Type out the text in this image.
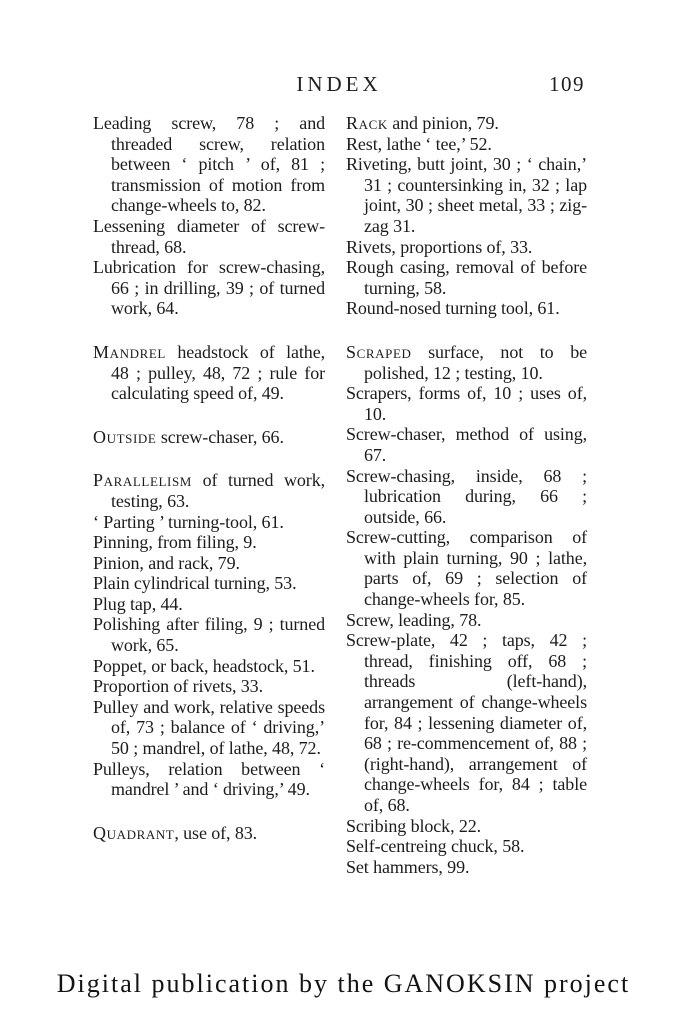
INDEX	109
Leading screw, 78 ; and threaded screw, relation between ‘ pitch ’ of, 81 ; transmission of motion from change-wheels to, 82.
Lessening diameter of screw-thread, 68.
Lubrication for screw-chasing, 66 ; in drilling, 39 ; of turned work, 64.
Mandrel headstock of lathe, 48 ; pulley, 48, 72 ; rule for calculating speed of, 49.
Outside screw-chaser, 66.
Parallelism of turned work, testing, 63.
‘ Parting ’ turning-tool, 61.
Pinning, from filing, 9.
Pinion, and rack, 79.
Plain cylindrical turning, 53.
Plug tap, 44.
Polishing after filing, 9 ; turned work, 65.
Poppet, or back, headstock, 51.
Proportion of rivets, 33.
Pulley and work, relative speeds of, 73 ; balance of ‘ driving,’ 50 ; mandrel, of lathe, 48, 72.
Pulleys, relation between ‘ mandrel ’ and ‘ driving,’ 49.
Quadrant, use of, 83.
Rack and pinion, 79.
Rest, lathe ‘ tee,’ 52.
Riveting, butt joint, 30 ; ‘ chain,’ 31 ; countersinking in, 32 ; lap joint, 30 ; sheet metal, 33 ; zig-zag 31.
Rivets, proportions of, 33.
Rough casing, removal of before turning, 58.
Round-nosed turning tool, 61.
Scraped surface, not to be polished, 12 ; testing, 10.
Scrapers, forms of, 10 ; uses of, 10.
Screw-chaser, method of using, 67.
Screw-chasing, inside, 68 ; lubrication during, 66 ; outside, 66.
Screw-cutting, comparison of with plain turning, 90 ; lathe, parts of, 69 ; selection of change-wheels for, 85.
Screw, leading, 78.
Screw-plate, 42 ; taps, 42 ; thread, finishing off, 68 ; threads (left-hand), arrangement of change-wheels for, 84 ; lessening diameter of, 68 ; re-commencement of, 88 ; (right-hand), arrangement of change-wheels for, 84 ; table of, 68.
Scribing block, 22.
Self-centreing chuck, 58.
Set hammers, 99.
Digital publication by the GANOKSIN project
